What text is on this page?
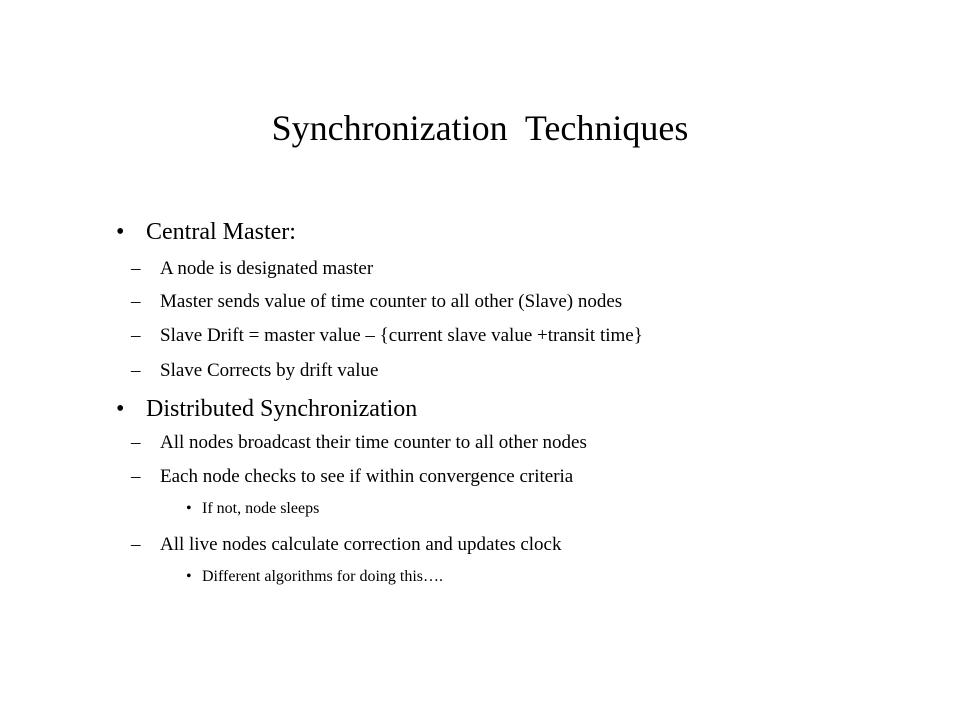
Synchronization  Techniques
• Central Master:
– A node is designated master
– Master sends value of time counter to all other (Slave) nodes
– Slave Drift = master value – {current slave value +transit time}
– Slave Corrects by drift value
• Distributed Synchronization
– All nodes broadcast their time counter to all other nodes
– Each node checks to see if within convergence criteria
• If not, node sleeps
– All live nodes calculate correction and updates clock
• Different algorithms for doing this….
